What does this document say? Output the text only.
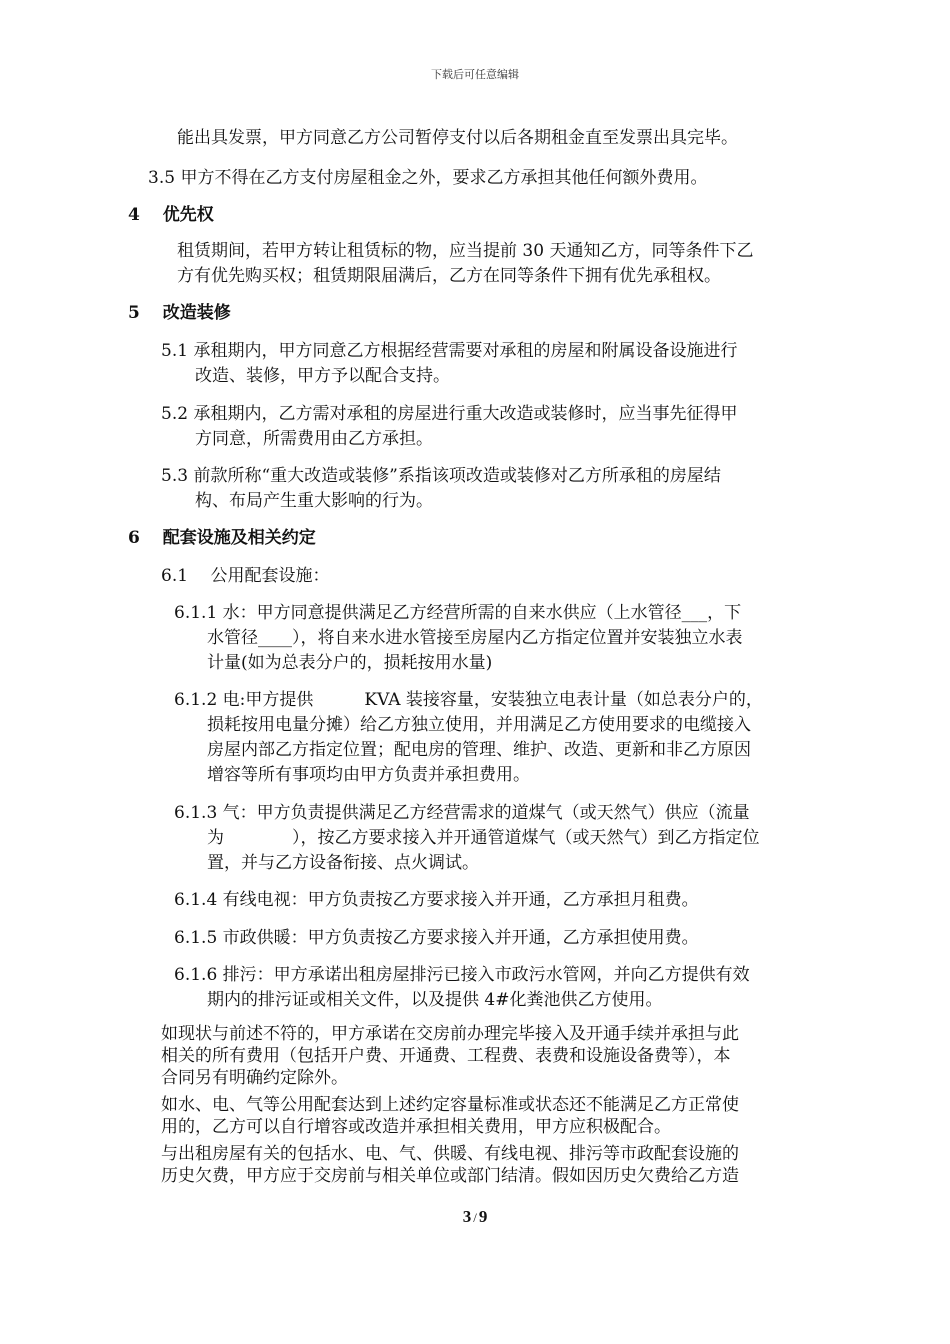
下载后可任意编辑
能出具发票，甲方同意乙方公司暂停支付以后各期租金直至发票出具完毕。
3.5 甲方不得在乙方支付房屋租金之外，要求乙方承担其他任何额外费用。
4　 优先权
租赁期间，若甲方转让租赁标的物，应当提前 30 天通知乙方，同等条件下乙
方有优先购买权；租赁期限届满后，乙方在同等条件下拥有优先承租权。
5　 改造装修
5.1 承租期内，甲方同意乙方根据经营需要对承租的房屋和附属设备设施进行
改造、装修，甲方予以配合支持。
5.2 承租期内，乙方需对承租的房屋进行重大改造或装修时，应当事先征得甲
方同意，所需费用由乙方承担。
5.3 前款所称“重大改造或装修”系指该项改造或装修对乙方所承租的房屋结
构、布局产生重大影响的行为。
6　 配套设施及相关约定
6.1　 公用配套设施：
6.1.1 水：甲方同意提供满足乙方经营所需的自来水供应（上水管径___，下
水管径____），将自来水进水管接至房屋内乙方指定位置并安装独立水表
计量(如为总表分户的，损耗按用水量)
6.1.2 电:甲方提供　　　KVA 装接容量，安装独立电表计量（如总表分户的，
损耗按用电量分摊）给乙方独立使用，并用满足乙方使用要求的电缆接入
房屋内部乙方指定位置；配电房的管理、维护、改造、更新和非乙方原因
增容等所有事项均由甲方负责并承担费用。
6.1.3 气：甲方负责提供满足乙方经营需求的道煤气（或天然气）供应（流量
为　　　　），按乙方要求接入并开通管道煤气（或天然气）到乙方指定位
置，并与乙方设备衔接、点火调试。
6.1.4 有线电视：甲方负责按乙方要求接入并开通，乙方承担月租费。
6.1.5 市政供暖：甲方负责按乙方要求接入并开通，乙方承担使用费。
6.1.6 排污：甲方承诺出租房屋排污已接入市政污水管网，并向乙方提供有效
期内的排污证或相关文件，以及提供 4#化粪池供乙方使用。
如现状与前述不符的，甲方承诺在交房前办理完毕接入及开通手续并承担与此
相关的所有费用（包括开户费、开通费、工程费、表费和设施设备费等），本
合同另有明确约定除外。
如水、电、气等公用配套达到上述约定容量标准或状态还不能满足乙方正常使
用的，乙方可以自行增容或改造并承担相关费用，甲方应积极配合。
与出租房屋有关的包括水、电、气、供暖、有线电视、排污等市政配套设施的
历史欠费，甲方应于交房前与相关单位或部门结清。假如因历史欠费给乙方造
3 / 9
